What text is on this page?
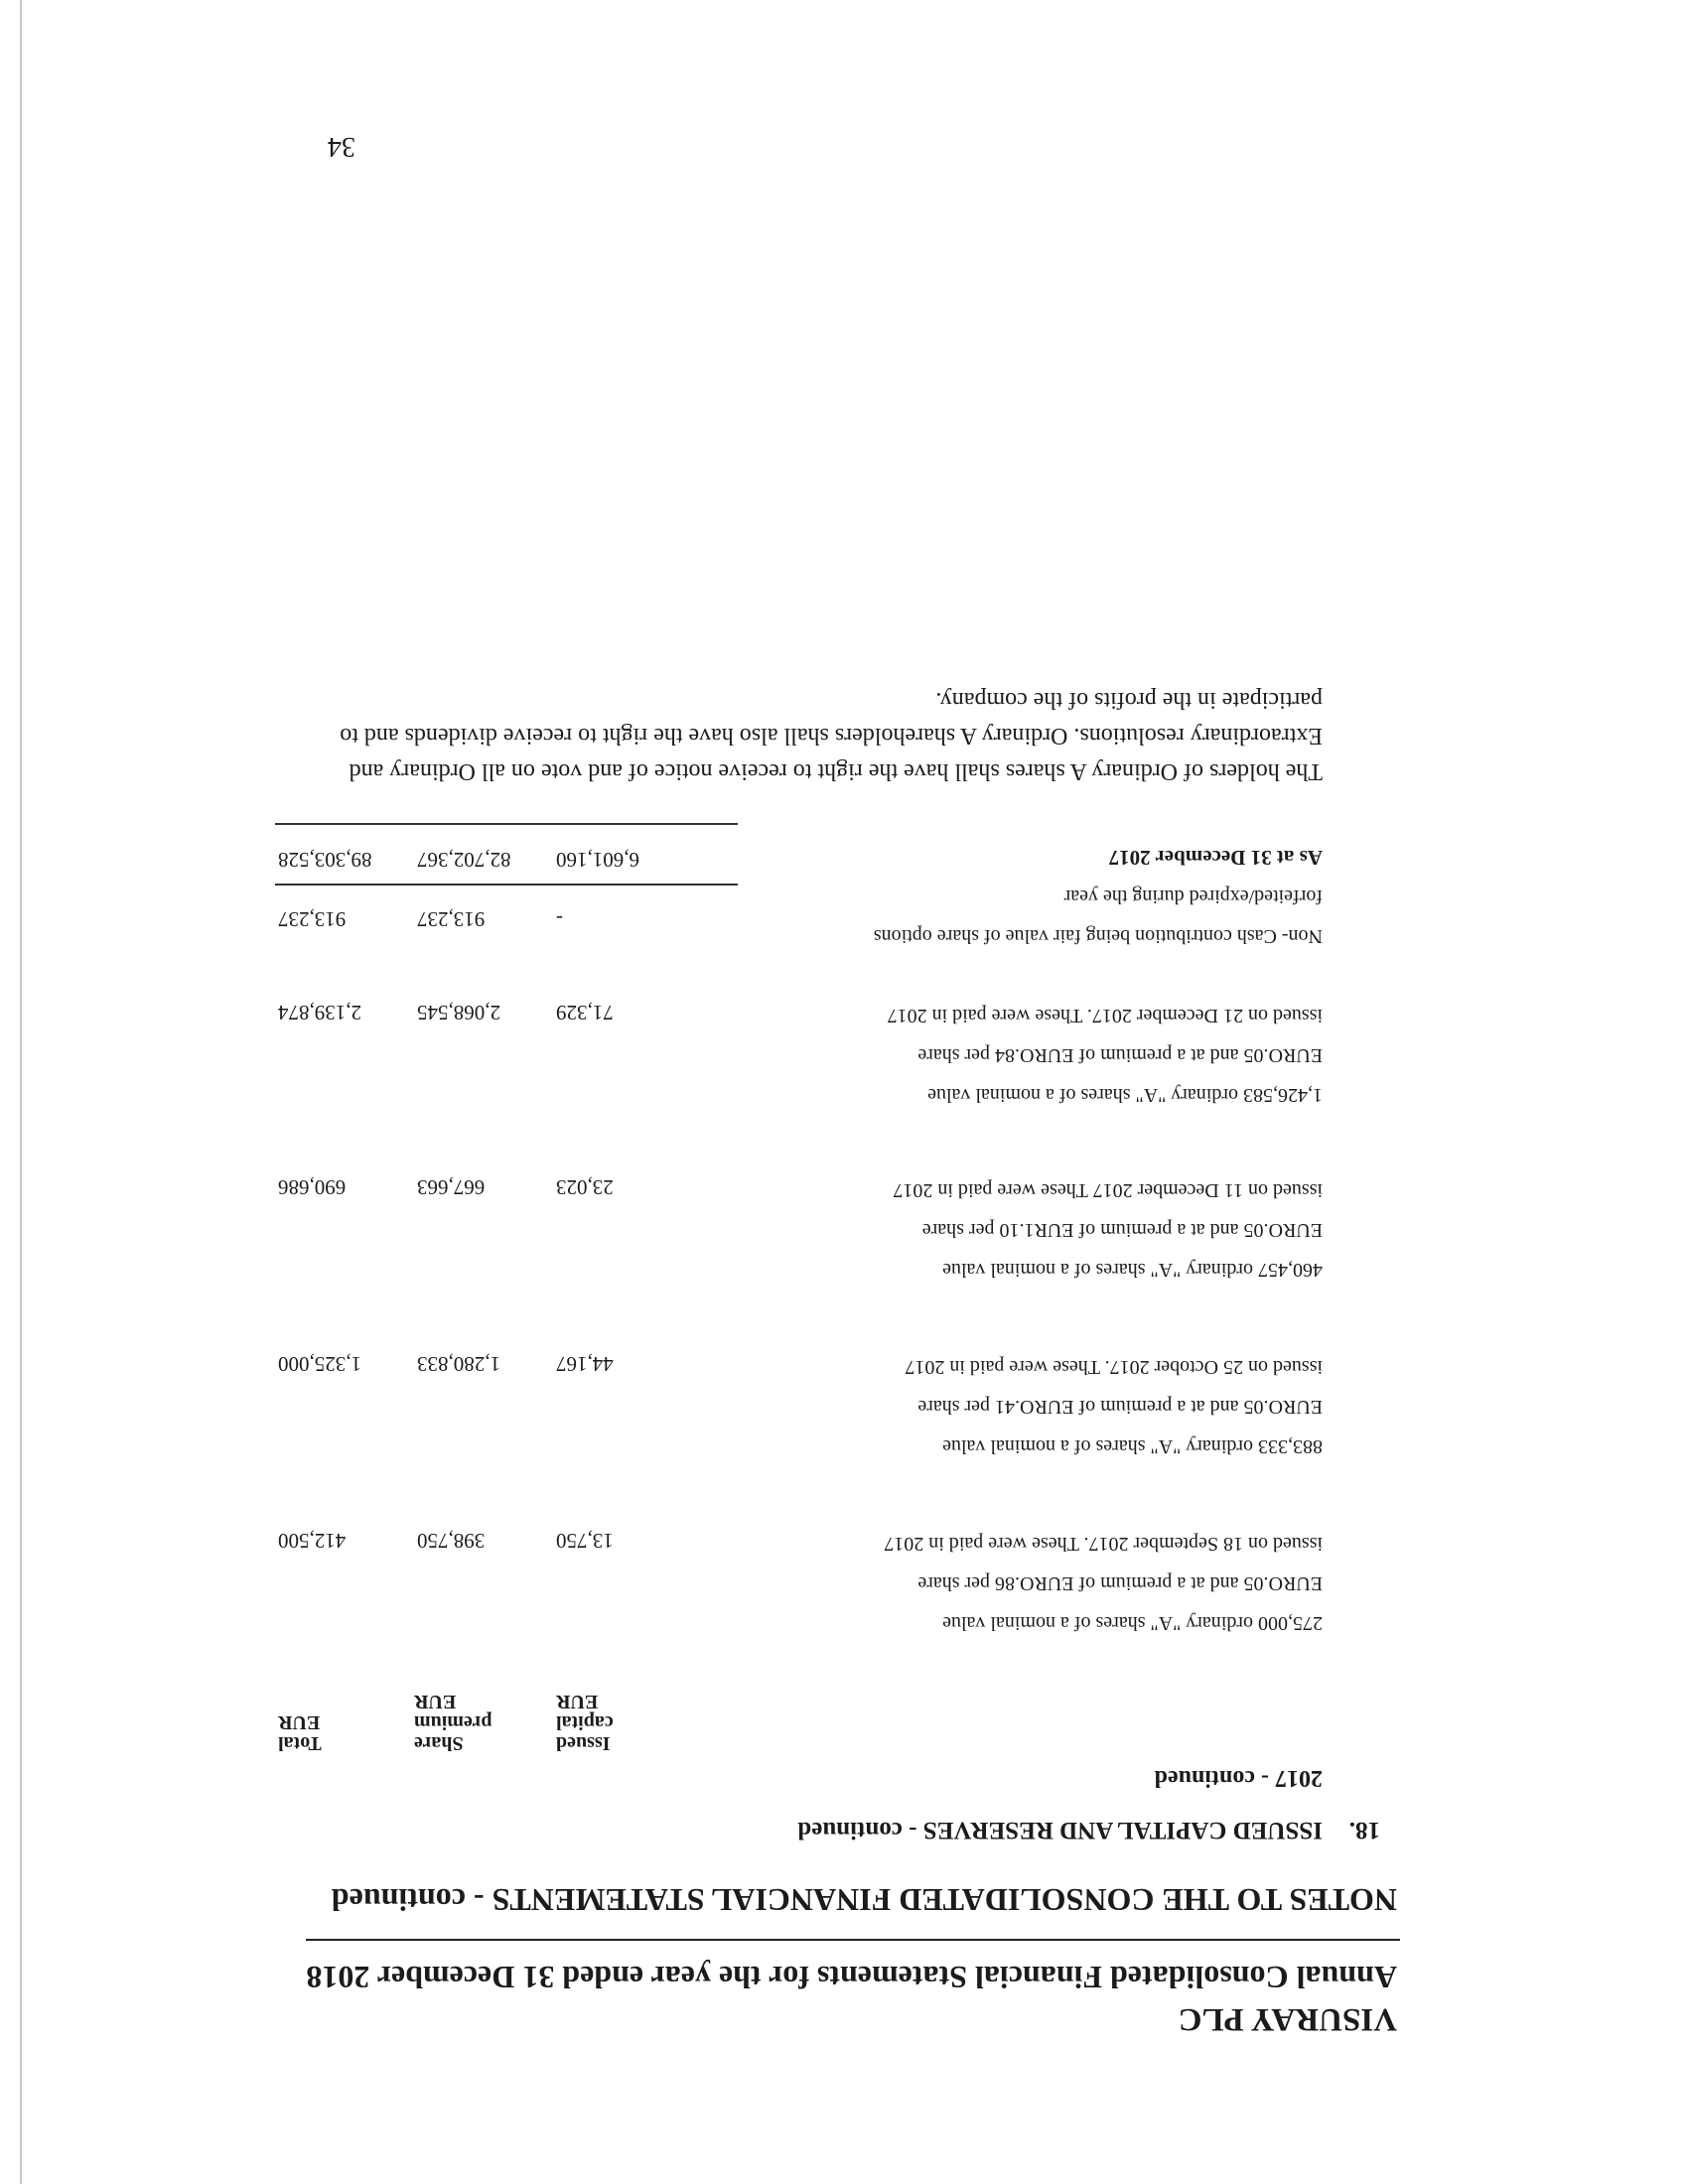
VISURAY PLC
Annual Consolidated Financial Statements for the year ended 31 December 2018
NOTES TO THE CONSOLIDATED FINANCIAL STATEMENTS - continued
18.
ISSUED CAPITAL AND RESERVES - continued
2017 - continued
Issued
capital
EUR
Share
premium
EUR
Total
EUR
275,000 ordinary "A" shares of a nominal value
EURO.05 and at a premium of EURO.86 per share
issued on 18 September 2017. These were paid in 2017
13,750
398,750
412,500
883,333 ordinary "A" shares of a nominal value
EURO.05 and at a premium of EURO.41 per share
issued on 25 October 2017. These were paid in 2017
44,167
1,280,833
1,325,000
460,457 ordinary "A" shares of a nominal value
EURO.05 and at a premium of EUR1.10 per share
issued on 11 December 2017 These were paid in 2017
23,023
667,663
690,686
1,426,583 ordinary "A" shares of a nominal value
EURO.05 and at a premium of EURO.84 per share
issued on 21 December 2017. These were paid in 2017
71,329
2,068,545
2,139,874
Non- Cash contribution being fair value of share options
forfeited/expired during the year
-
913,237
913,237
As at 31 December 2017
6,601,160
82,702,367
89,303,528
The holders of Ordinary A shares shall have the right to receive notice of and vote on all Ordinary and
Extraordinary resolutions. Ordinary A shareholders shall also have the right to receive dividends and to
participate in the profits of the company.
34
